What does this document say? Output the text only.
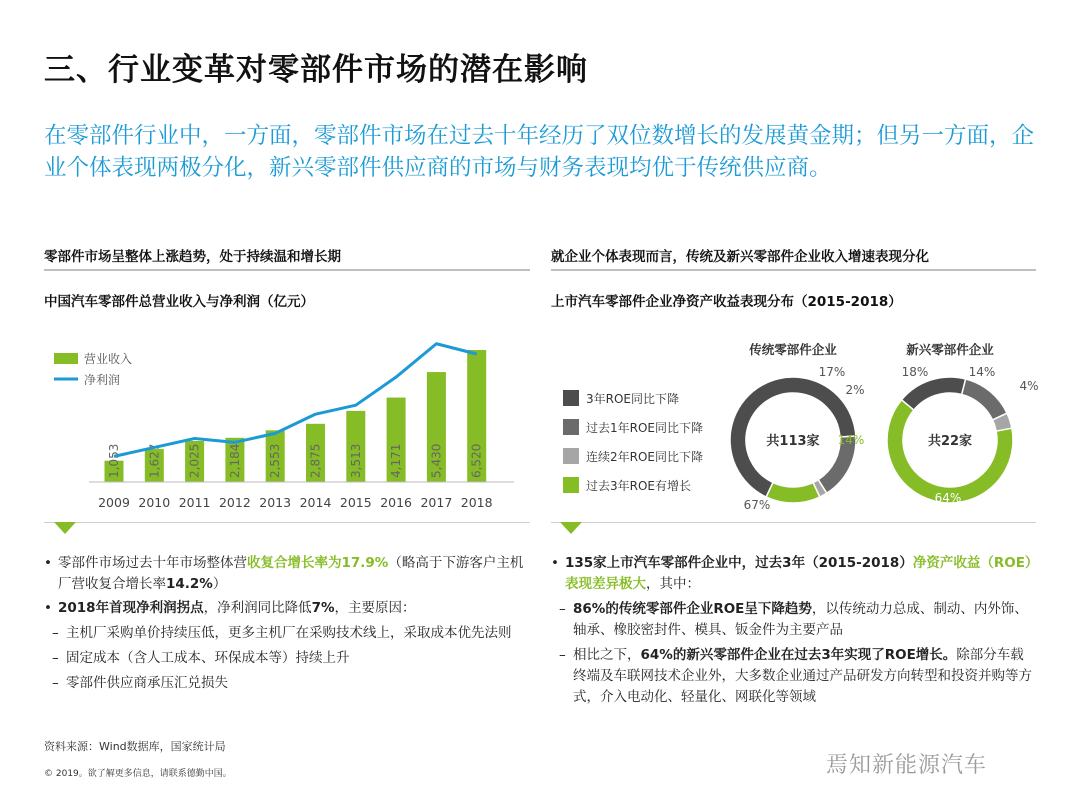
三、行业变革对零部件市场的潜在影响
在零部件行业中，一方面，零部件市场在过去十年经历了双位数增长的发展黄金期；但另一方面，企业个体表现两极分化，新兴零部件供应商的市场与财务表现均优于传统供应商。
零部件市场呈整体上涨趋势，处于持续温和增长期
中国汽车零部件总营业收入与净利润（亿元）
就企业个体表现而言，传统及新兴零部件企业收入增速表现分化
上市汽车零部件企业净资产收益表现分布（2015-2018）
营业收入
净利润
1,053
2009
1,627
2010
2,025
2011
2,184
2012
2,553
2013
2,875
2014
3,513
2015
4,171
2016
5,430
2017
6,520
2018
3年ROE同比下降
过去1年ROE同比下降
连续2年ROE同比下降
过去3年ROE有增长
传统零部件企业
67%
17%
2%
14%
共113家
新兴零部件企业
18%	14%
4%
64%
共22家
• 零部件市场过去十年市场整体营收复合增长率为17.9%（略高于下游客户主机厂营收复合增长率14.2%）
• 2018年首现净利润拐点，净利润同比降低7%，主要原因：
– 主机厂采购单价持续压低，更多主机厂在采购技术线上，采取成本优先法则
– 固定成本（含人工成本、环保成本等）持续上升
– 零部件供应商承压汇兑损失
• 135家上市汽车零部件企业中，过去3年（2015-2018）净资产收益（ROE）表现差异极大，其中：
– 86%的传统零部件企业ROE呈下降趋势，以传统动力总成、制动、内外饰、轴承、橡胶密封件、模具、钣金件为主要产品
– 相比之下，64%的新兴零部件企业在过去3年实现了ROE增长。除部分车载终端及车联网技术企业外，大多数企业通过产品研发方向转型和投资并购等方式，介入电动化、轻量化、网联化等领域
资料来源：Wind数据库，国家统计局
© 2019。欲了解更多信息，请联系德勤中国。	焉知新能源汽车
